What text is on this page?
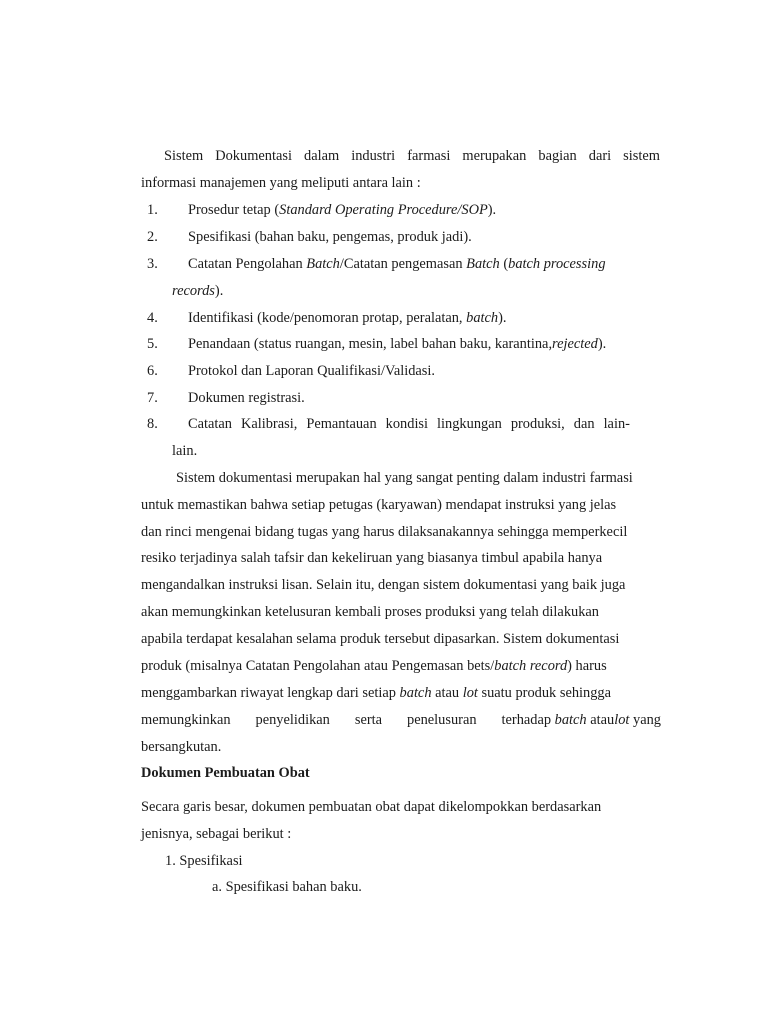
Sistem Dokumentasi dalam industri farmasi merupakan bagian dari sistem
informasi manajemen yang meliputi antara lain :
1. Prosedur tetap (Standard Operating Procedure/SOP).
2. Spesifikasi (bahan baku, pengemas, produk jadi).
3. Catatan Pengolahan Batch/Catatan pengemasan Batch (batch processing
records).
4. Identifikasi (kode/penomoran protap, peralatan, batch).
5. Penandaan (status ruangan, mesin, label bahan baku, karantina,rejected).
6. Protokol dan Laporan Qualifikasi/Validasi.
7. Dokumen registrasi.
8. Catatan Kalibrasi, Pemantauan kondisi lingkungan produksi, dan lain-
lain.
Sistem dokumentasi merupakan hal yang sangat penting dalam industri farmasi
untuk memastikan bahwa setiap petugas (karyawan) mendapat instruksi yang jelas
dan rinci mengenai bidang tugas yang harus dilaksanakannya sehingga memperkecil
resiko terjadinya salah tafsir dan kekeliruan yang biasanya timbul apabila hanya
mengandalkan instruksi lisan. Selain itu, dengan sistem dokumentasi yang baik juga
akan memungkinkan ketelusuran kembali proses produksi yang telah dilakukan
apabila terdapat kesalahan selama produk tersebut dipasarkan. Sistem dokumentasi
produk (misalnya Catatan Pengolahan atau Pengemasan bets/batch record) harus
menggambarkan riwayat lengkap dari setiap batch atau lot suatu produk sehingga
memungkinkan penyelidikan serta penelusuran terhadap batch ataulot yang
bersangkutan.
Dokumen Pembuatan Obat
Secara garis besar, dokumen pembuatan obat dapat dikelompokkan berdasarkan
jenisnya, sebagai berikut :
1. Spesifikasi
a. Spesifikasi bahan baku.
